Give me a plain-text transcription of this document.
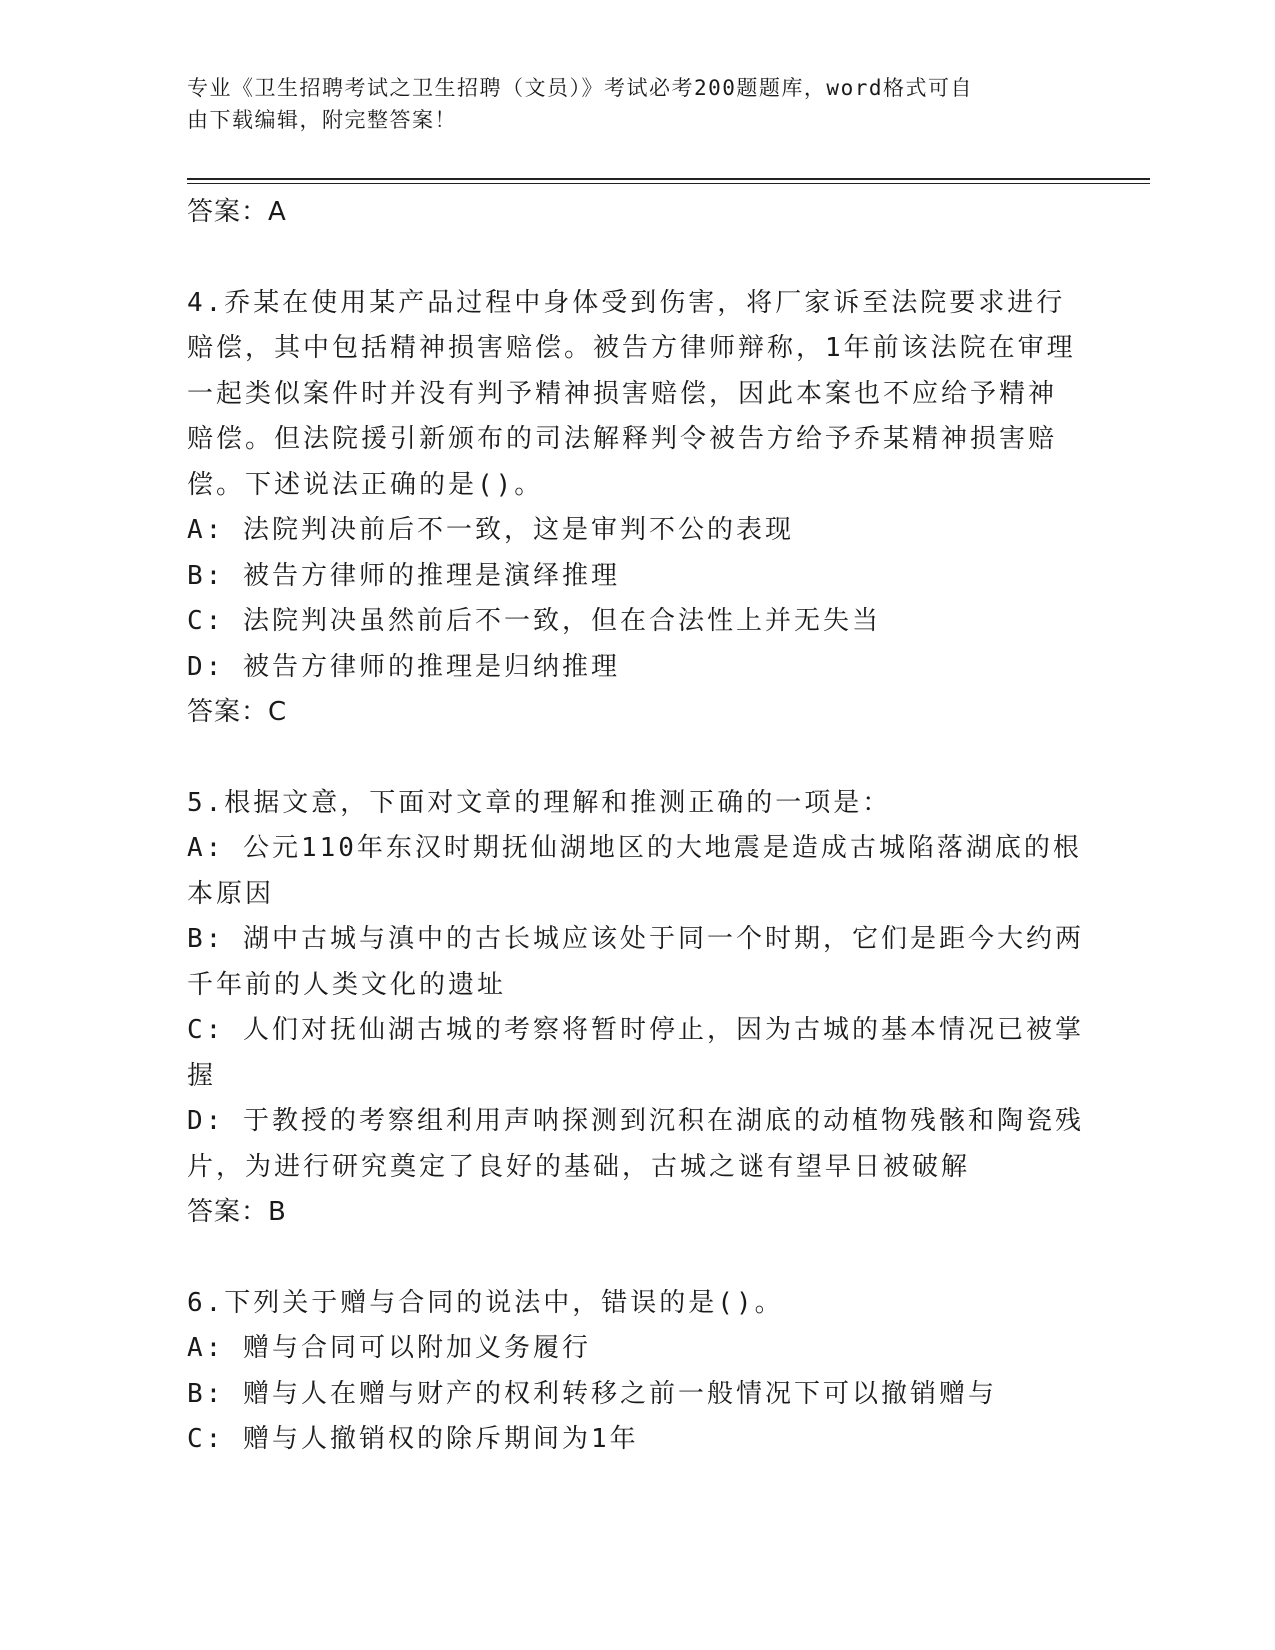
专业《卫生招聘考试之卫生招聘（文员）》考试必考200题题库，word格式可自
由下载编辑，附完整答案！
答案：A
4.乔某在使用某产品过程中身体受到伤害，将厂家诉至法院要求进行
赔偿，其中包括精神损害赔偿。被告方律师辩称，1年前该法院在审理
一起类似案件时并没有判予精神损害赔偿，因此本案也不应给予精神
赔偿。但法院援引新颁布的司法解释判令被告方给予乔某精神损害赔
偿。下述说法正确的是()。
A: 法院判决前后不一致，这是审判不公的表现
B: 被告方律师的推理是演绎推理
C: 法院判决虽然前后不一致，但在合法性上并无失当
D: 被告方律师的推理是归纳推理
答案：C
5.根据文意，下面对文章的理解和推测正确的一项是：
A: 公元110年东汉时期抚仙湖地区的大地震是造成古城陷落湖底的根
本原因
B: 湖中古城与滇中的古长城应该处于同一个时期，它们是距今大约两
千年前的人类文化的遗址
C: 人们对抚仙湖古城的考察将暂时停止，因为古城的基本情况已被掌
握
D: 于教授的考察组利用声呐探测到沉积在湖底的动植物残骸和陶瓷残
片，为进行研究奠定了良好的基础，古城之谜有望早日被破解
答案：B
6.下列关于赠与合同的说法中，错误的是()。
A: 赠与合同可以附加义务履行
B: 赠与人在赠与财产的权利转移之前一般情况下可以撤销赠与
C: 赠与人撤销权的除斥期间为1年
